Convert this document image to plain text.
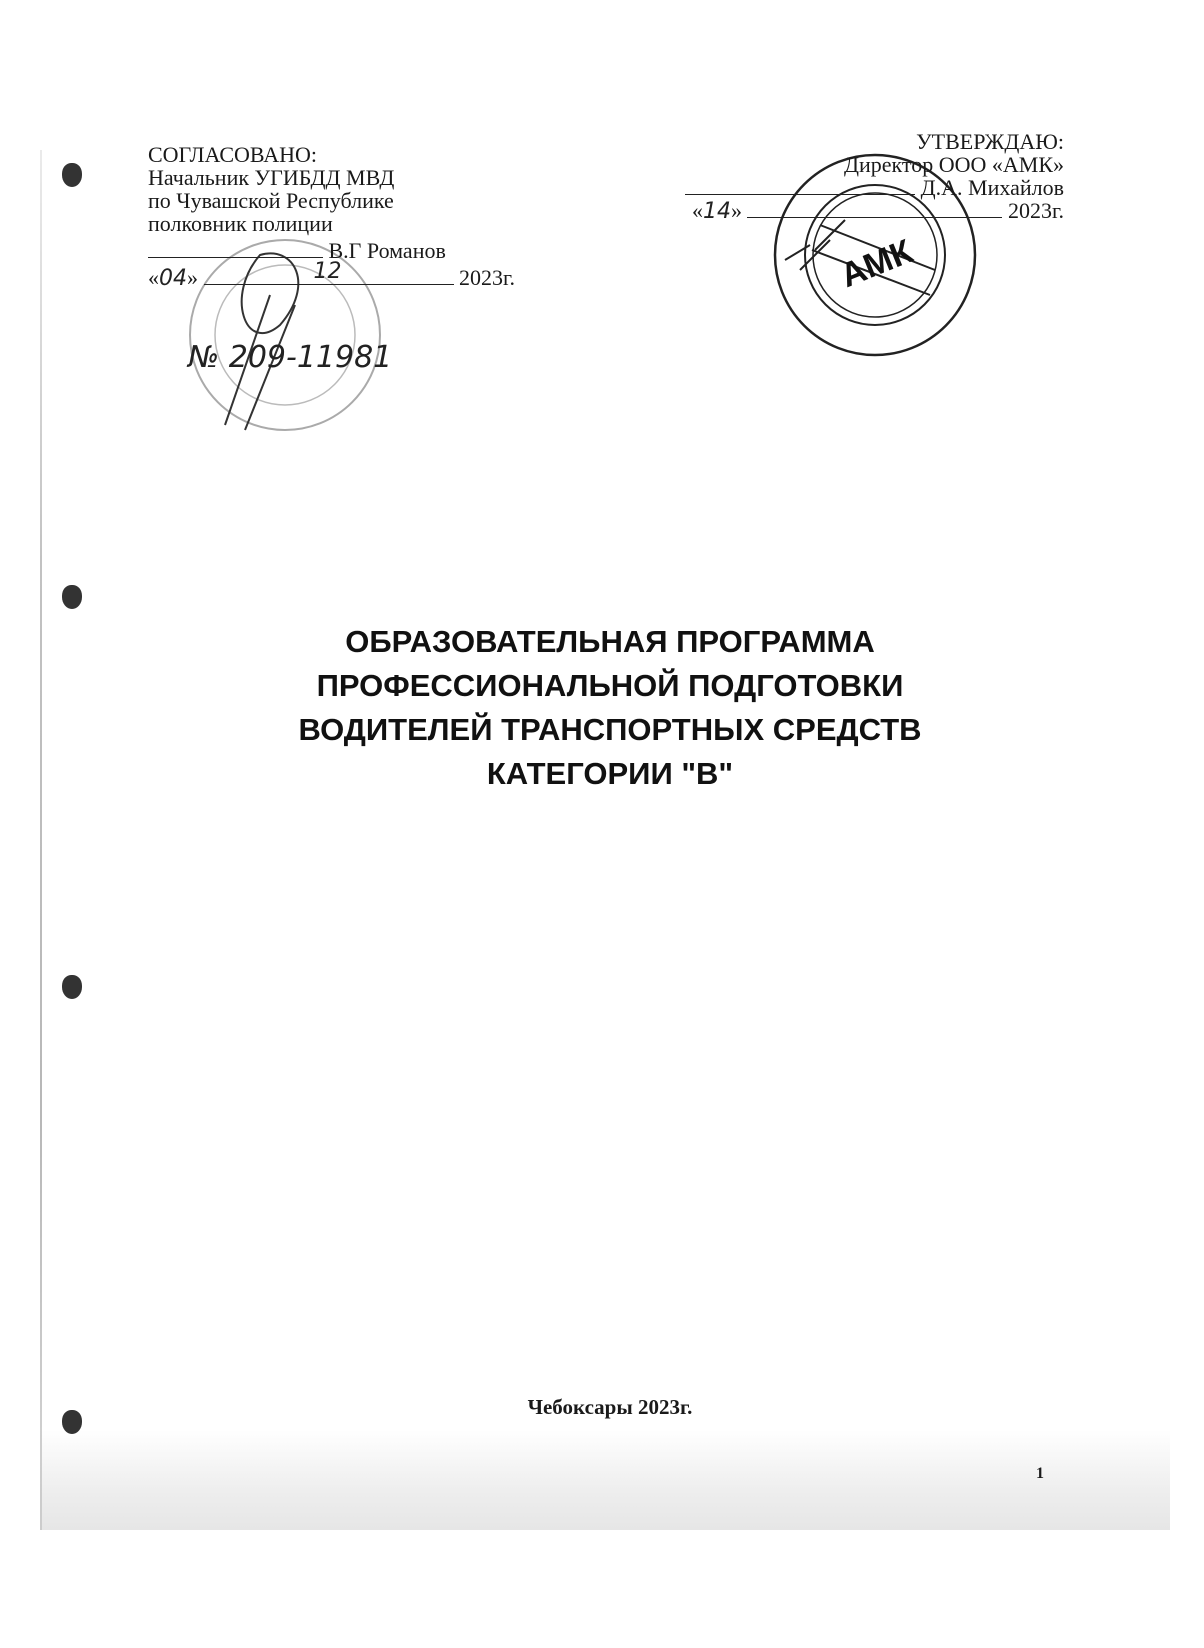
СОГЛАСОВАНО:
Начальник УГИБДД МВД
по Чувашской Республике
полковник полиции
В.Г Романов
«04»	12	2023г.
№ 209-11981
АМК
УТВЕРЖДАЮ:
Директор ООО «АМК»
Д.А. Михайлов
«14»	2023г.
ОБРАЗОВАТЕЛЬНАЯ ПРОГРАММА
ПРОФЕССИОНАЛЬНОЙ ПОДГОТОВКИ
ВОДИТЕЛЕЙ ТРАНСПОРТНЫХ СРЕДСТВ
КАТЕГОРИИ "В"
Чебоксары 2023г.
1
